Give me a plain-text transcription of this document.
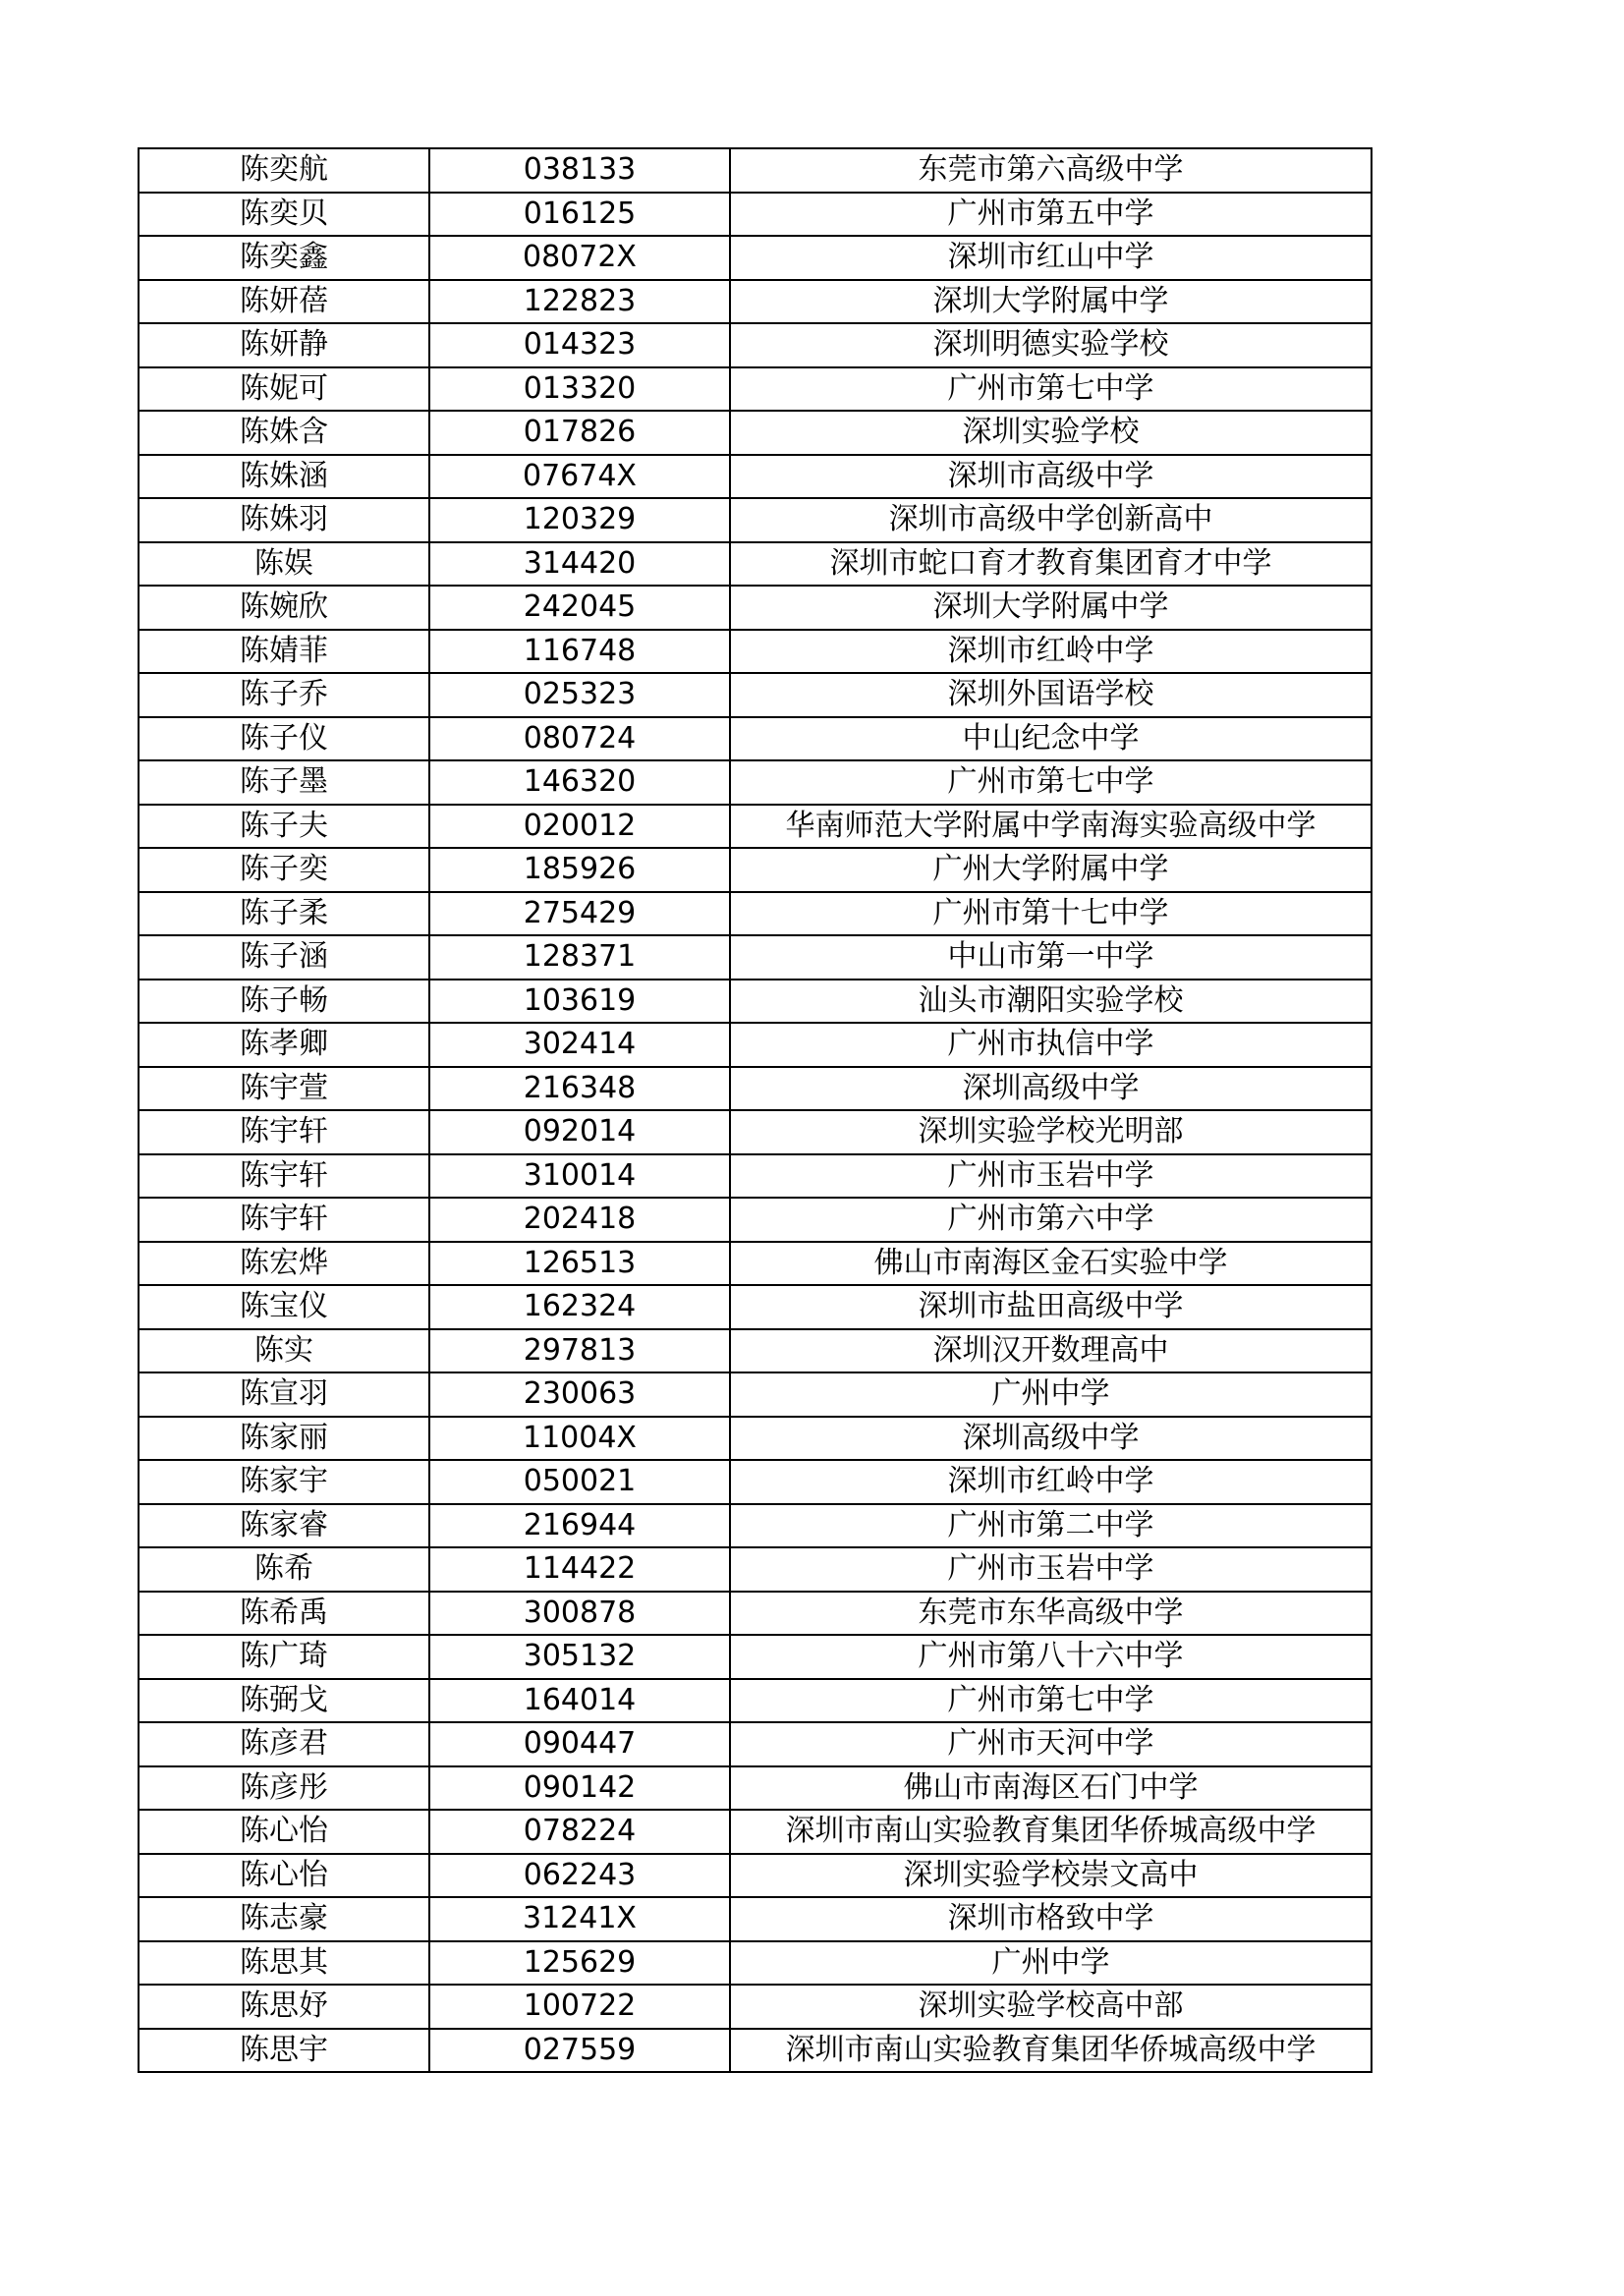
陈奕航	038133	东莞市第六高级中学
陈奕贝	016125	广州市第五中学
陈奕鑫	08072X	深圳市红山中学
陈妍蓓	122823	深圳大学附属中学
陈妍静	014323	深圳明德实验学校
陈妮可	013320	广州市第七中学
陈姝含	017826	深圳实验学校
陈姝涵	07674X	深圳市高级中学
陈姝羽	120329	深圳市高级中学创新高中
陈娱	314420	深圳市蛇口育才教育集团育才中学
陈婉欣	242045	深圳大学附属中学
陈婧菲	116748	深圳市红岭中学
陈子乔	025323	深圳外国语学校
陈子仪	080724	中山纪念中学
陈子墨	146320	广州市第七中学
陈子夫	020012	华南师范大学附属中学南海实验高级中学
陈子奕	185926	广州大学附属中学
陈子柔	275429	广州市第十七中学
陈子涵	128371	中山市第一中学
陈子畅	103619	汕头市潮阳实验学校
陈孝卿	302414	广州市执信中学
陈宇萱	216348	深圳高级中学
陈宇轩	092014	深圳实验学校光明部
陈宇轩	310014	广州市玉岩中学
陈宇轩	202418	广州市第六中学
陈宏烨	126513	佛山市南海区金石实验中学
陈宝仪	162324	深圳市盐田高级中学
陈实	297813	深圳汉开数理高中
陈宣羽	230063	广州中学
陈家丽	11004X	深圳高级中学
陈家宇	050021	深圳市红岭中学
陈家睿	216944	广州市第二中学
陈希	114422	广州市玉岩中学
陈希禹	300878	东莞市东华高级中学
陈广琦	305132	广州市第八十六中学
陈弼戈	164014	广州市第七中学
陈彦君	090447	广州市天河中学
陈彦彤	090142	佛山市南海区石门中学
陈心怡	078224	深圳市南山实验教育集团华侨城高级中学
陈心怡	062243	深圳实验学校崇文高中
陈志豪	31241X	深圳市格致中学
陈思其	125629	广州中学
陈思妤	100722	深圳实验学校高中部
陈思宇	027559	深圳市南山实验教育集团华侨城高级中学
